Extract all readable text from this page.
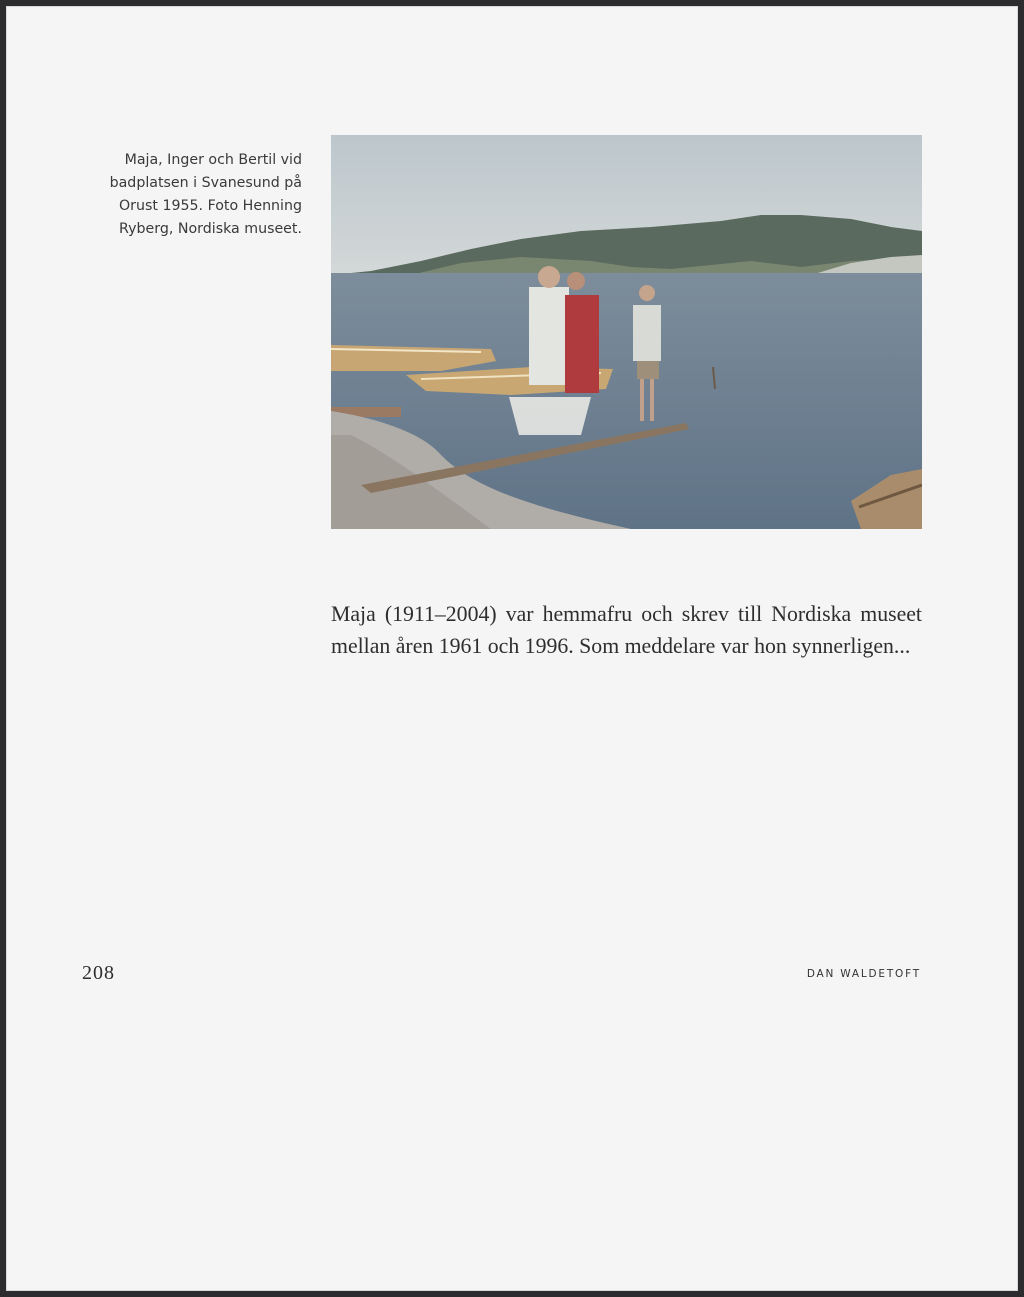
Maja, Inger och Bertil vid
badplatsen i Svanesund på
Orust 1955. Foto Henning
Ryberg, Nordiska museet.

Maja (1911–2004) var hemmafru och skrev till Nordiska museet mellan åren 1961 och 1996. Som meddelare var hon synnerligen...

208	DAN WALDETOFT
